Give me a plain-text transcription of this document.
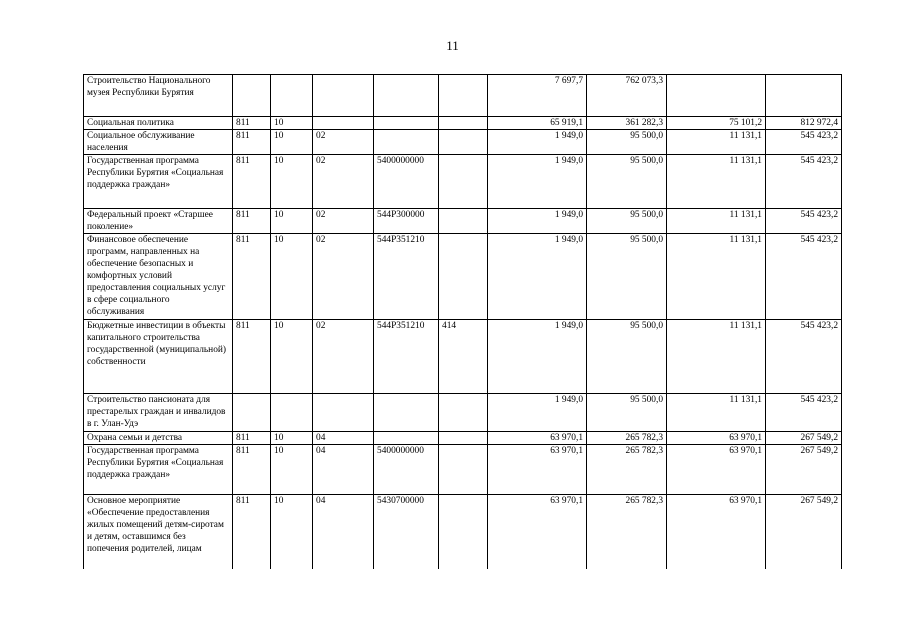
11
Строительство Национального музея Республики Бурятия						7 697,7	762 073,3		
Социальная политика	811	10				65 919,1	361 282,3	75 101,2	812 972,4
Социальное обслуживание населения	811	10	02			1 949,0	95 500,0	11 131,1	545 423,2
Государственная программа Республики Бурятия «Социальная поддержка граждан»	811	10	02	5400000000		1 949,0	95 500,0	11 131,1	545 423,2
Федеральный проект «Старшее поколение»	811	10	02	544P300000		1 949,0	95 500,0	11 131,1	545 423,2
Финансовое обеспечение программ, направленных на обеспечение безопасных и комфортных условий предоставления социальных услуг в сфере социального обслуживания	811	10	02	544P351210		1 949,0	95 500,0	11 131,1	545 423,2
Бюджетные инвестиции в объекты капитального строительства государственной (муниципальной) собственности	811	10	02	544P351210	414	1 949,0	95 500,0	11 131,1	545 423,2
Строительство пансионата для престарелых граждан и инвалидов в г. Улан-Удэ						1 949,0	95 500,0	11 131,1	545 423,2
Охрана семьи и детства	811	10	04			63 970,1	265 782,3	63 970,1	267 549,2
Государственная программа Республики Бурятия «Социальная поддержка граждан»	811	10	04	5400000000		63 970,1	265 782,3	63 970,1	267 549,2
Основное мероприятие «Обеспечение предоставления жилых помещений детям-сиротам и детям, оставшимся без попечения родителей, лицам	811	10	04	5430700000		63 970,1	265 782,3	63 970,1	267 549,2
